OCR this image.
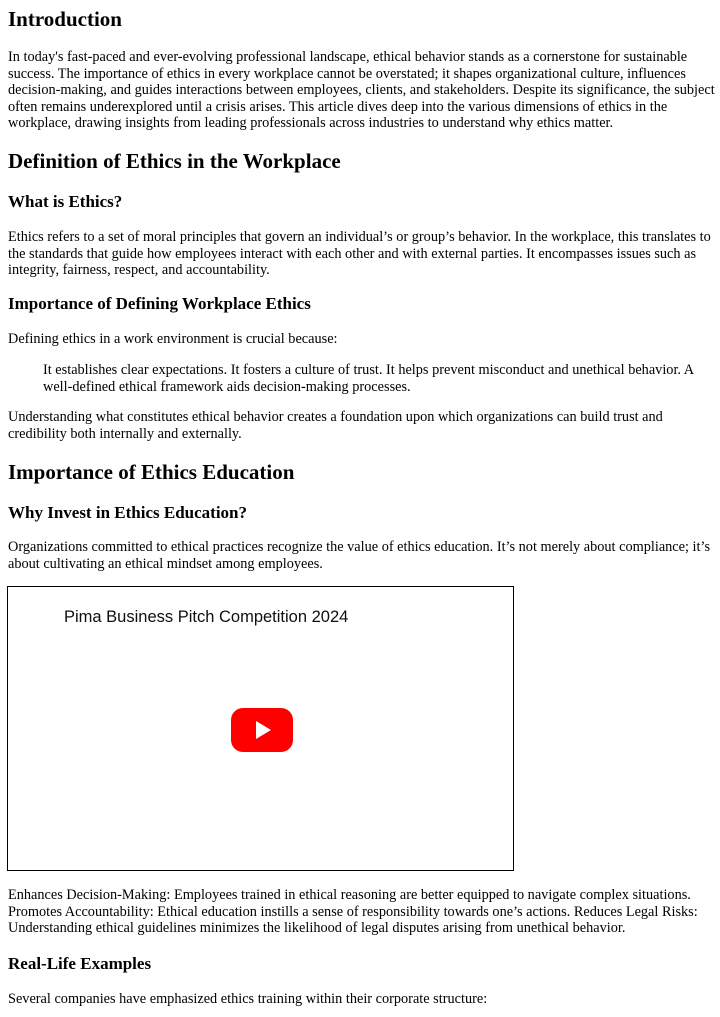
Introduction

In today's fast-paced and ever-evolving professional landscape, ethical behavior stands as a cornerstone for sustainable success. The importance of ethics in every workplace cannot be overstated; it shapes organizational culture, influences decision-making, and guides interactions between employees, clients, and stakeholders. Despite its significance, the subject often remains underexplored until a crisis arises. This article dives deep into the various dimensions of ethics in the workplace, drawing insights from leading professionals across industries to understand why ethics matter.

Definition of Ethics in the Workplace
What is Ethics?

Ethics refers to a set of moral principles that govern an individual’s or group’s behavior. In the workplace, this translates to the standards that guide how employees interact with each other and with external parties. It encompasses issues such as integrity, fairness, respect, and accountability.

Importance of Defining Workplace Ethics

Defining ethics in a work environment is crucial because:

It establishes clear expectations. It fosters a culture of trust. It helps prevent misconduct and unethical behavior. A well-defined ethical framework aids decision-making processes.

Understanding what constitutes ethical behavior creates a foundation upon which organizations can build trust and credibility both internally and externally.

Importance of Ethics Education
Why Invest in Ethics Education?

Organizations committed to ethical practices recognize the value of ethics education. It’s not merely about compliance; it’s about cultivating an ethical mindset among employees.

Pima Business Pitch Competition 2024

Enhances Decision-Making: Employees trained in ethical reasoning are better equipped to navigate complex situations. Promotes Accountability: Ethical education instills a sense of responsibility towards one’s actions. Reduces Legal Risks: Understanding ethical guidelines minimizes the likelihood of legal disputes arising from unethical behavior.

Real-Life Examples

Several companies have emphasized ethics training within their corporate structure:
